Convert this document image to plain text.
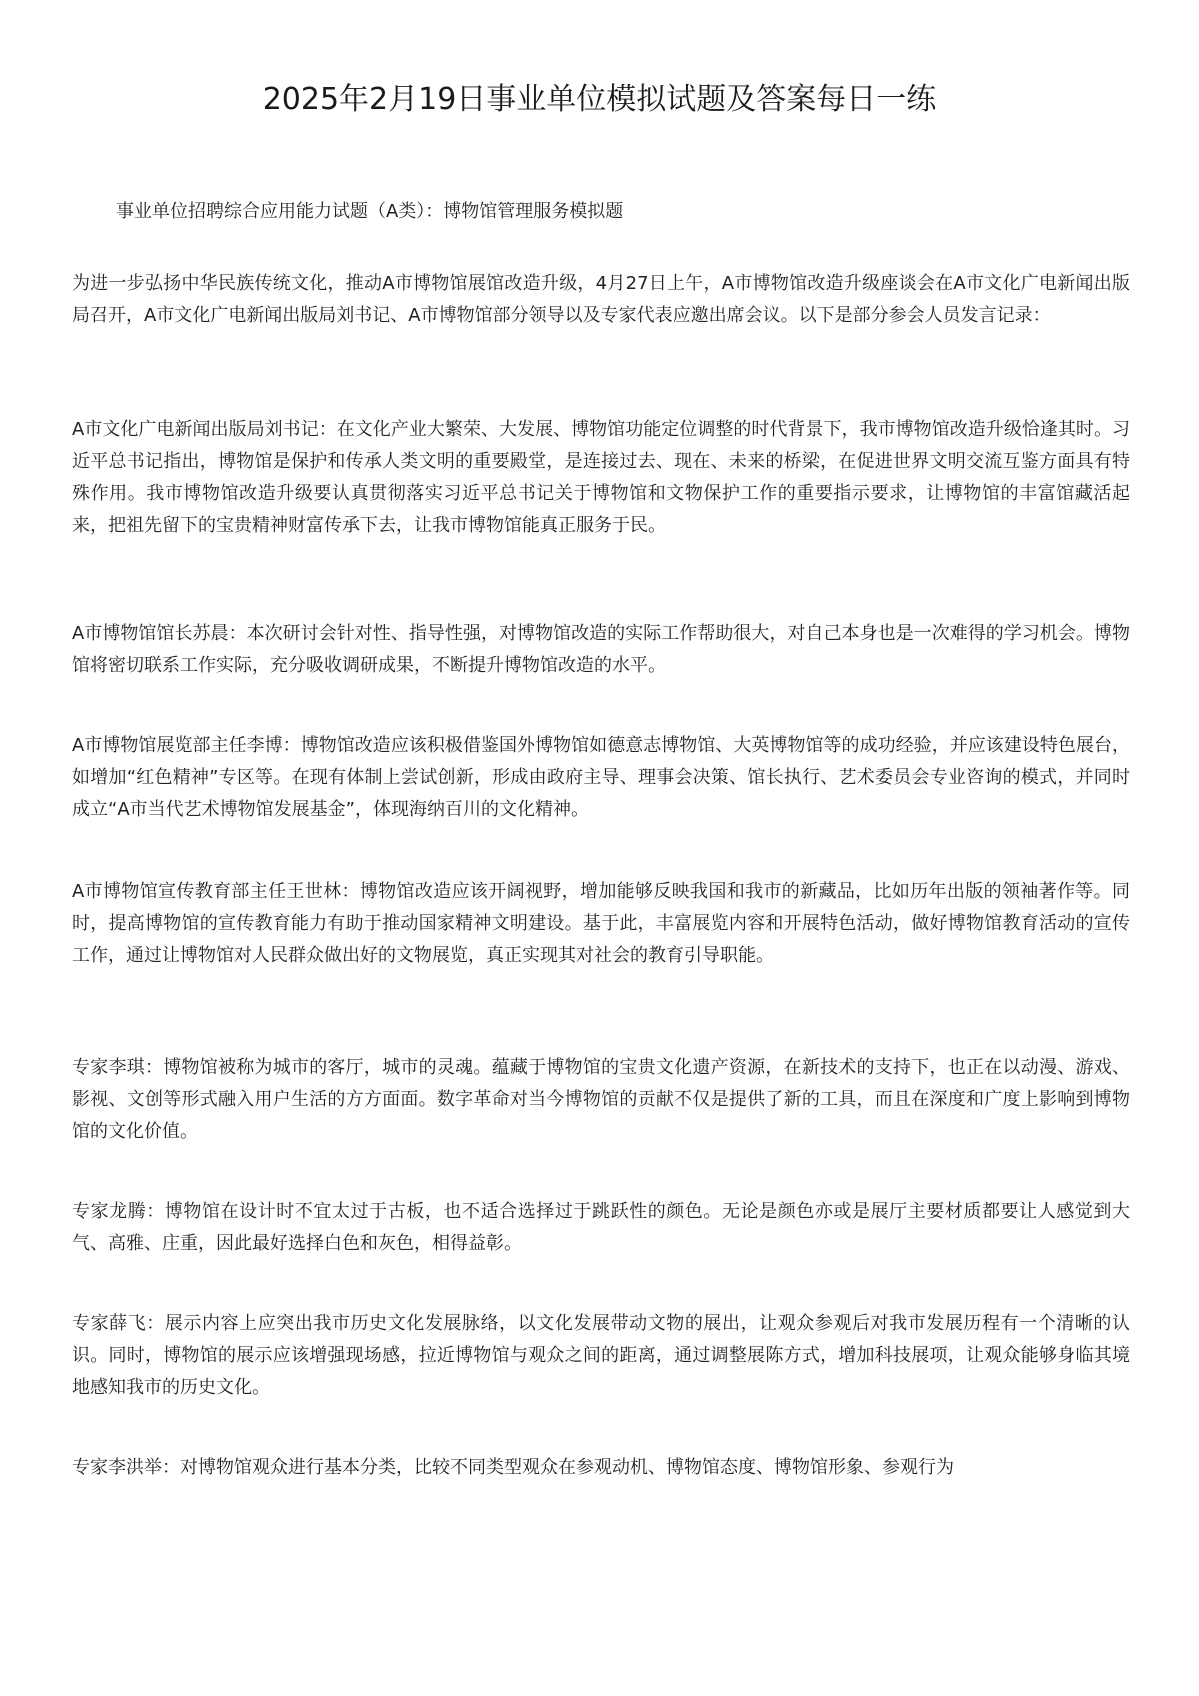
2025年2月19日事业单位模拟试题及答案每日一练

事业单位招聘综合应用能力试题（A类）：博物馆管理服务模拟题

为进一步弘扬中华民族传统文化，推动A市博物馆展馆改造升级，4月27日上午，A市博物馆改造升级座谈会在A市文化广电新闻出版局召开，A市文化广电新闻出版局刘书记、A市博物馆部分领导以及专家代表应邀出席会议。以下是部分参会人员发言记录：

A市文化广电新闻出版局刘书记：在文化产业大繁荣、大发展、博物馆功能定位调整的时代背景下，我市博物馆改造升级恰逢其时。习近平总书记指出，博物馆是保护和传承人类文明的重要殿堂，是连接过去、现在、未来的桥梁，在促进世界文明交流互鉴方面具有特殊作用。我市博物馆改造升级要认真贯彻落实习近平总书记关于博物馆和文物保护工作的重要指示要求，让博物馆的丰富馆藏活起来，把祖先留下的宝贵精神财富传承下去，让我市博物馆能真正服务于民。

A市博物馆馆长苏晨：本次研讨会针对性、指导性强，对博物馆改造的实际工作帮助很大，对自己本身也是一次难得的学习机会。博物馆将密切联系工作实际，充分吸收调研成果，不断提升博物馆改造的水平。

A市博物馆展览部主任李博：博物馆改造应该积极借鉴国外博物馆如德意志博物馆、大英博物馆等的成功经验，并应该建设特色展台，如增加“红色精神”专区等。在现有体制上尝试创新，形成由政府主导、理事会决策、馆长执行、艺术委员会专业咨询的模式，并同时成立“A市当代艺术博物馆发展基金”，体现海纳百川的文化精神。

A市博物馆宣传教育部主任王世林：博物馆改造应该开阔视野，增加能够反映我国和我市的新藏品，比如历年出版的领袖著作等。同时，提高博物馆的宣传教育能力有助于推动国家精神文明建设。基于此，丰富展览内容和开展特色活动，做好博物馆教育活动的宣传工作，通过让博物馆对人民群众做出好的文物展览，真正实现其对社会的教育引导职能。

专家李琪：博物馆被称为城市的客厅，城市的灵魂。蕴藏于博物馆的宝贵文化遗产资源，在新技术的支持下，也正在以动漫、游戏、影视、文创等形式融入用户生活的方方面面。数字革命对当今博物馆的贡献不仅是提供了新的工具，而且在深度和广度上影响到博物馆的文化价值。

专家龙腾：博物馆在设计时不宜太过于古板，也不适合选择过于跳跃性的颜色。无论是颜色亦或是展厅主要材质都要让人感觉到大气、高雅、庄重，因此最好选择白色和灰色，相得益彰。

专家薛飞：展示内容上应突出我市历史文化发展脉络，以文化发展带动文物的展出，让观众参观后对我市发展历程有一个清晰的认识。同时，博物馆的展示应该增强现场感，拉近博物馆与观众之间的距离，通过调整展陈方式，增加科技展项，让观众能够身临其境地感知我市的历史文化。

专家李洪举：对博物馆观众进行基本分类，比较不同类型观众在参观动机、博物馆态度、博物馆形象、参观行为
